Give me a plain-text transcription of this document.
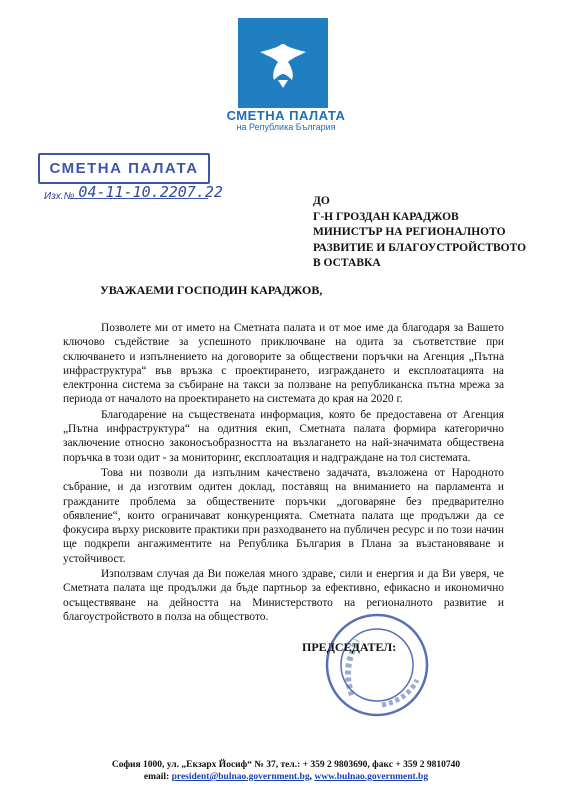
СМЕТНА ПАЛАТА
на Република България
СМЕТНА ПАЛАТА
Изх.№ 04-11-10.2207.22	ДО
Г-Н ГРОЗДАН КАРАДЖОВ
МИНИСТЪР НА РЕГИОНАЛНОТО
РАЗВИТИЕ И БЛАГОУСТРОЙСТВОТО
В ОСТАВКА
УВАЖАЕМИ ГОСПОДИН КАРАДЖОВ,

Позволете ми от името на Сметната палата и от мое име да благодаря за Вашето ключово съдействие за успешното приключване на одита за съответствие при сключването и изпълнението на договорите за обществени поръчки на Агенция „Пътна инфраструктура“ във връзка с проектирането, изграждането и експлоатацията на електронна система за събиране на такси за ползване на републиканска пътна мрежа за периода от началото на проектирането на системата до края на 2020 г.

Благодарение на съществената информация, която бе предоставена от Агенция „Пътна инфраструктура“ на одитния екип, Сметната палата формира категорично заключение относно законосъобразността на възлагането на най-значимата обществена поръчка в този одит - за мониторинг, експлоатация и надграждане на тол системата.

Това ни позволи да изпълним качествено задачата, възложена от Народното събрание, и да изготвим одитен доклад, поставящ на вниманието на парламента и гражданите проблема за обществените поръчки „договаряне без предварително обявление“, които ограничават конкуренцията. Сметната палата ще продължи да се фокусира върху рисковите практики при разходването на публичен ресурс и по този начин ще подкрепи ангажиментите на Република България в Плана за възстановяване и устойчивост.

Използвам случая да Ви пожелая много здраве, сили и енергия и да Ви уверя, че Сметната палата ще продължи да бъде партньор за ефективно, ефикасно и икономично осъществяване на дейността на Министерството на регионалното развитие и благоустройството в полза на обществото.

ПРЕДСЕДАТЕЛ:
София 1000, ул. „Екзарх Йосиф“ № 37, тел.: + 359 2 9803690, факс + 359 2 9810740
email: president@bulnao.government.bg, www.bulnao.government.bg
